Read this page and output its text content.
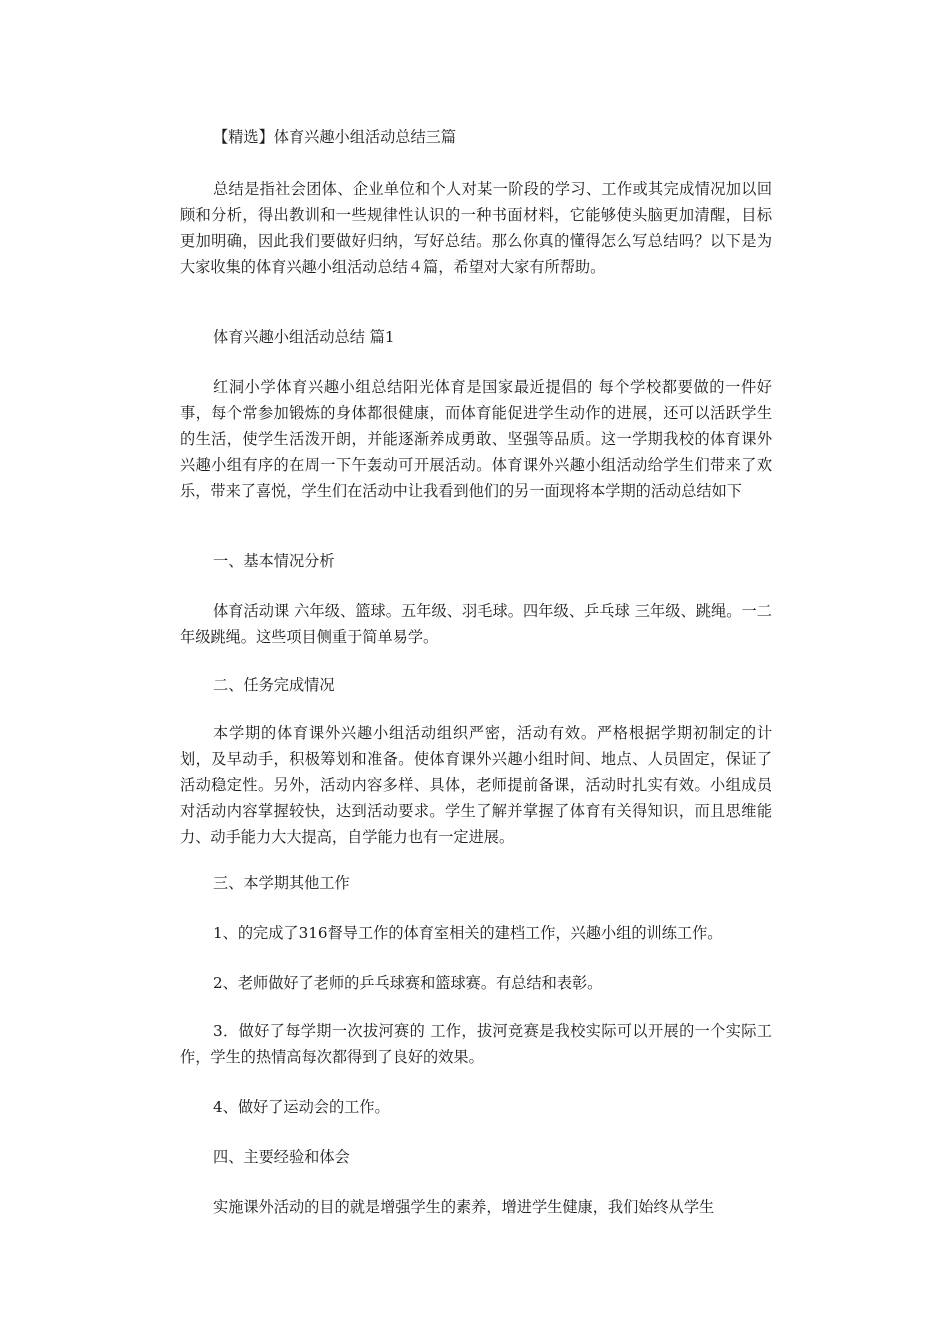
【精选】体育兴趣小组活动总结三篇
总结是指社会团体、企业单位和个人对某一阶段的学习、工作或其完成情况加以回顾和分析，得出教训和一些规律性认识的一种书面材料，它能够使头脑更加清醒，目标更加明确，因此我们要做好归纳，写好总结。那么你真的懂得怎么写总结吗？以下是为大家收集的体育兴趣小组活动总结４篇，希望对大家有所帮助。
体育兴趣小组活动总结 篇1
红洞小学体育兴趣小组总结阳光体育是国家最近提倡的 每个学校都要做的一件好事，每个常参加锻炼的身体都很健康，而体育能促进学生动作的进展，还可以活跃学生的生活，使学生活泼开朗，并能逐渐养成勇敢、坚强等品质。这一学期我校的体育课外兴趣小组有序的在周一下午轰动可开展活动。体育课外兴趣小组活动给学生们带来了欢乐，带来了喜悦，学生们在活动中让我看到他们的另一面现将本学期的活动总结如下
一、基本情况分析
体育活动课 六年级、篮球。五年级、羽毛球。四年级、乒乓球 三年级、跳绳。一二年级跳绳。这些项目侧重于简单易学。
二、任务完成情况
本学期的体育课外兴趣小组活动组织严密，活动有效。严格根据学期初制定的计划，及早动手，积极筹划和准备。使体育课外兴趣小组时间、地点、人员固定，保证了活动稳定性。另外，活动内容多样、具体，老师提前备课，活动时扎实有效。小组成员对活动内容掌握较快，达到活动要求。学生了解并掌握了体育有关得知识，而且思维能力、动手能力大大提高，自学能力也有一定进展。
三、本学期其他工作
1、的完成了316督导工作的体育室相关的建档工作，兴趣小组的训练工作。
2、老师做好了老师的乒乓球赛和篮球赛。有总结和表彰。
3．做好了每学期一次拔河赛的 工作，拔河竞赛是我校实际可以开展的一个实际工作，学生的热情高每次都得到了良好的效果。
4、做好了运动会的工作。
四、主要经验和体会
实施课外活动的目的就是增强学生的素养，增进学生健康，我们始终从学生
